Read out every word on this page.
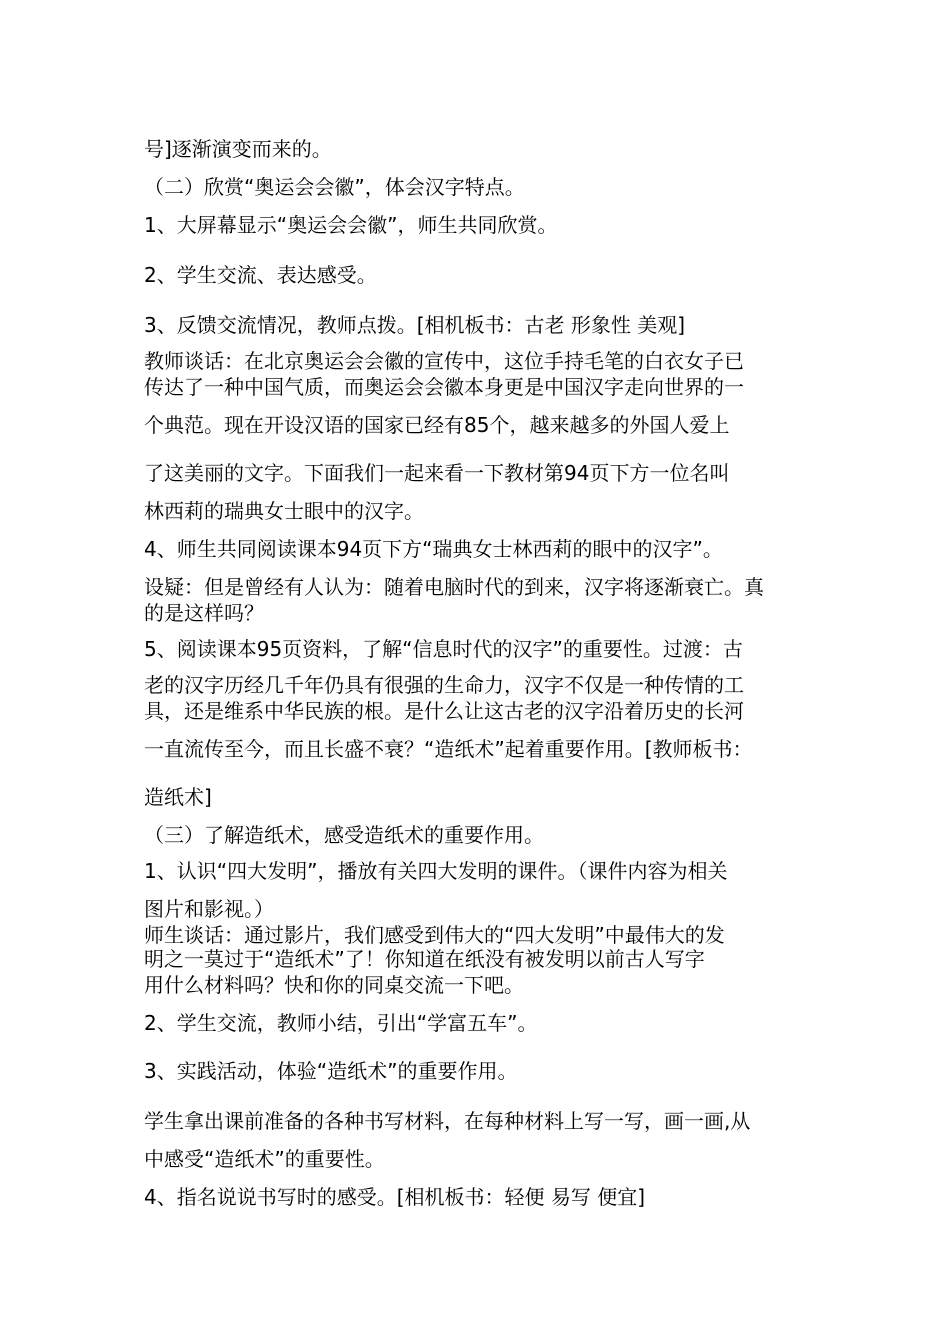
号]逐渐演变而来的。
（二）欣赏“奥运会会徽”，体会汉字特点。
1、大屏幕显示“奥运会会徽”，师生共同欣赏。
2、学生交流、表达感受。
3、反馈交流情况，教师点拨。[相机板书：古老 形象性 美观]
教师谈话：在北京奥运会会徽的宣传中，这位手持毛笔的白衣女子已
传达了一种中国气质，而奥运会会徽本身更是中国汉字走向世界的一
个典范。现在开设汉语的国家已经有85个，越来越多的外国人爱上
了这美丽的文字。下面我们一起来看一下教材第94页下方一位名叫
林西莉的瑞典女士眼中的汉字。
4、师生共同阅读课本94页下方“瑞典女士林西莉的眼中的汉字”。
设疑：但是曾经有人认为：随着电脑时代的到来，汉字将逐渐衰亡。真
的是这样吗？
5、阅读课本95页资料，了解“信息时代的汉字”的重要性。过渡：古
老的汉字历经几千年仍具有很强的生命力，汉字不仅是一种传情的工
具，还是维系中华民族的根。是什么让这古老的汉字沿着历史的长河
一直流传至今，而且长盛不衰？“造纸术”起着重要作用。[教师板书：
造纸术]
（三）了解造纸术，感受造纸术的重要作用。
1、认识“四大发明”，播放有关四大发明的课件。（课件内容为相关
图片和影视。）
师生谈话：通过影片，我们感受到伟大的“四大发明”中最伟大的发
明之一莫过于“造纸术”了！你知道在纸没有被发明以前古人写字
用什么材料吗？快和你的同桌交流一下吧。
2、学生交流，教师小结，引出“学富五车”。
3、实践活动，体验“造纸术”的重要作用。
学生拿出课前准备的各种书写材料，在每种材料上写一写，画一画,从
中感受“造纸术”的重要性。
4、指名说说书写时的感受。[相机板书：轻便 易写 便宜]
